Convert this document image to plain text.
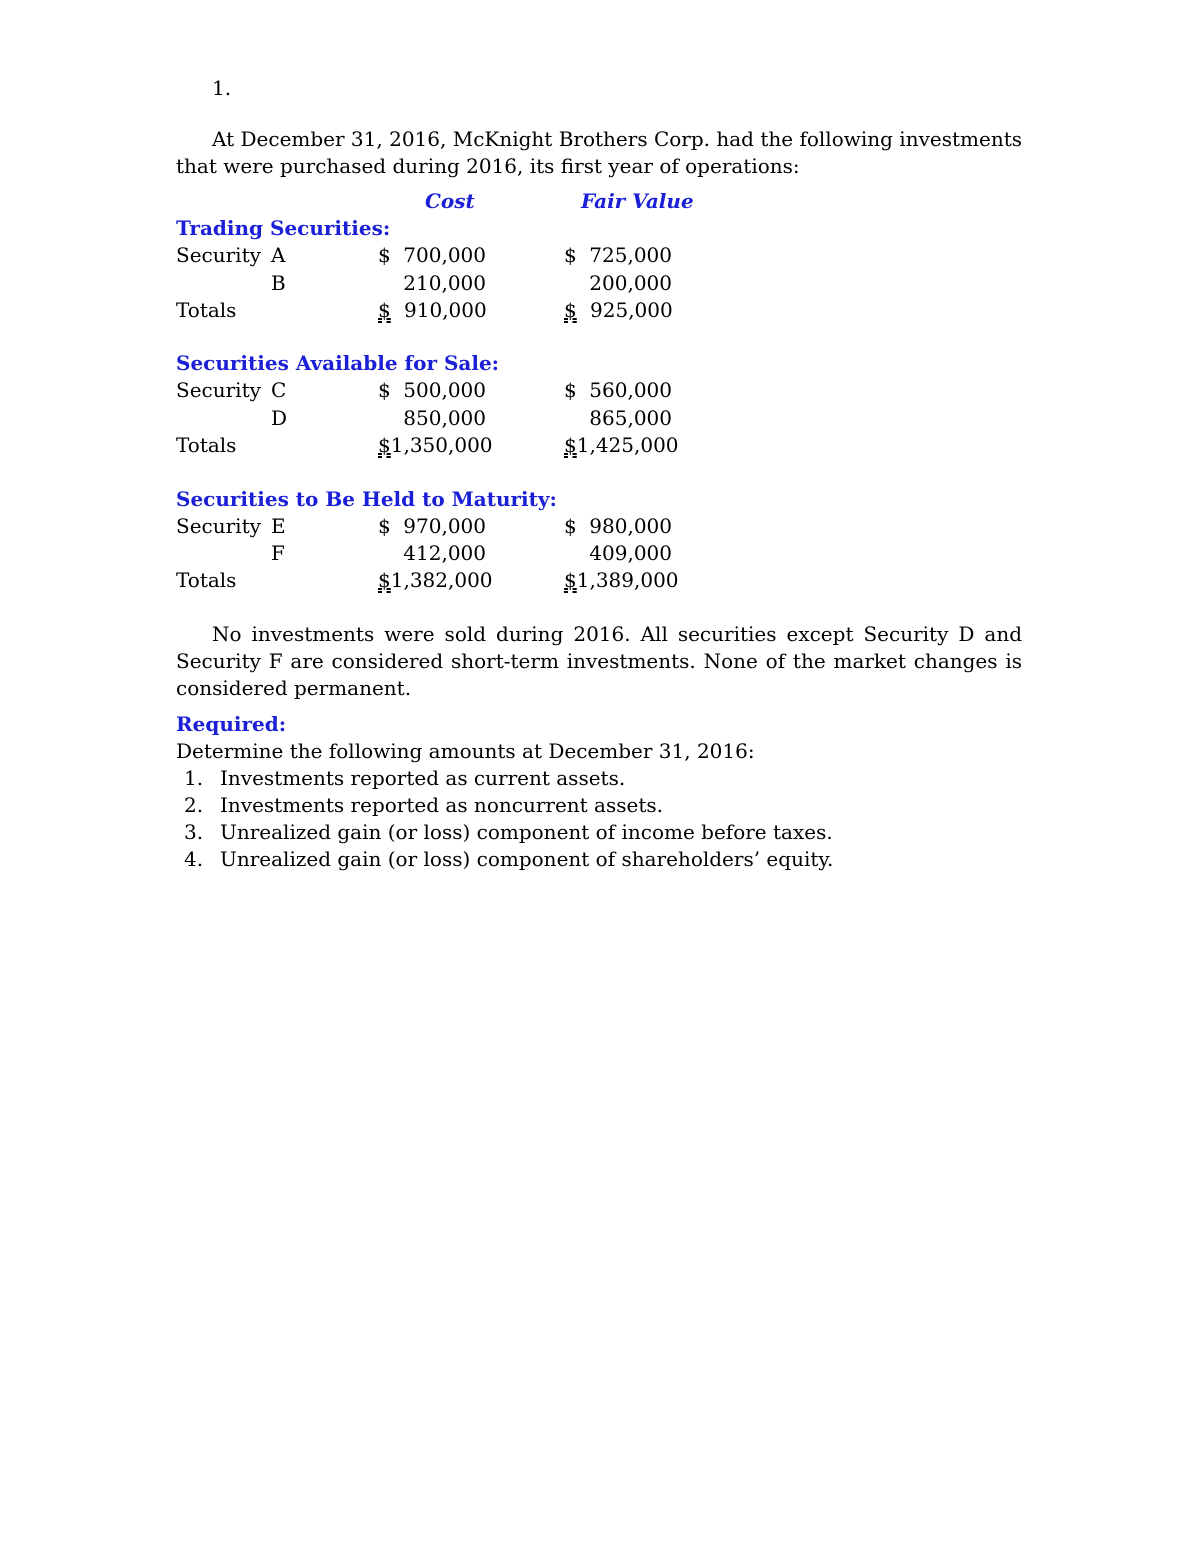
1.
At December 31, 2016, McKnight Brothers Corp. had the following investments that were purchased during 2016, its first year of operations:
Cost	Fair Value
Trading Securities:
Security A	$ 700,000	$ 725,000
B	210,000	200,000
Totals	$ 910,000	$ 925,000
Securities Available for Sale:
Security C	$ 500,000	$ 560,000
D	850,000	865,000
Totals	$1,350,000	$1,425,000
Securities to Be Held to Maturity:
Security E	$ 970,000	$ 980,000
F	412,000	409,000
Totals	$1,382,000	$1,389,000
No investments were sold during 2016. All securities except Security D and Security F are considered short-term investments. None of the market changes is considered permanent.
Required:
Determine the following amounts at December 31, 2016:
1. Investments reported as current assets.
2. Investments reported as noncurrent assets.
3. Unrealized gain (or loss) component of income before taxes.
4. Unrealized gain (or loss) component of shareholders’ equity.
